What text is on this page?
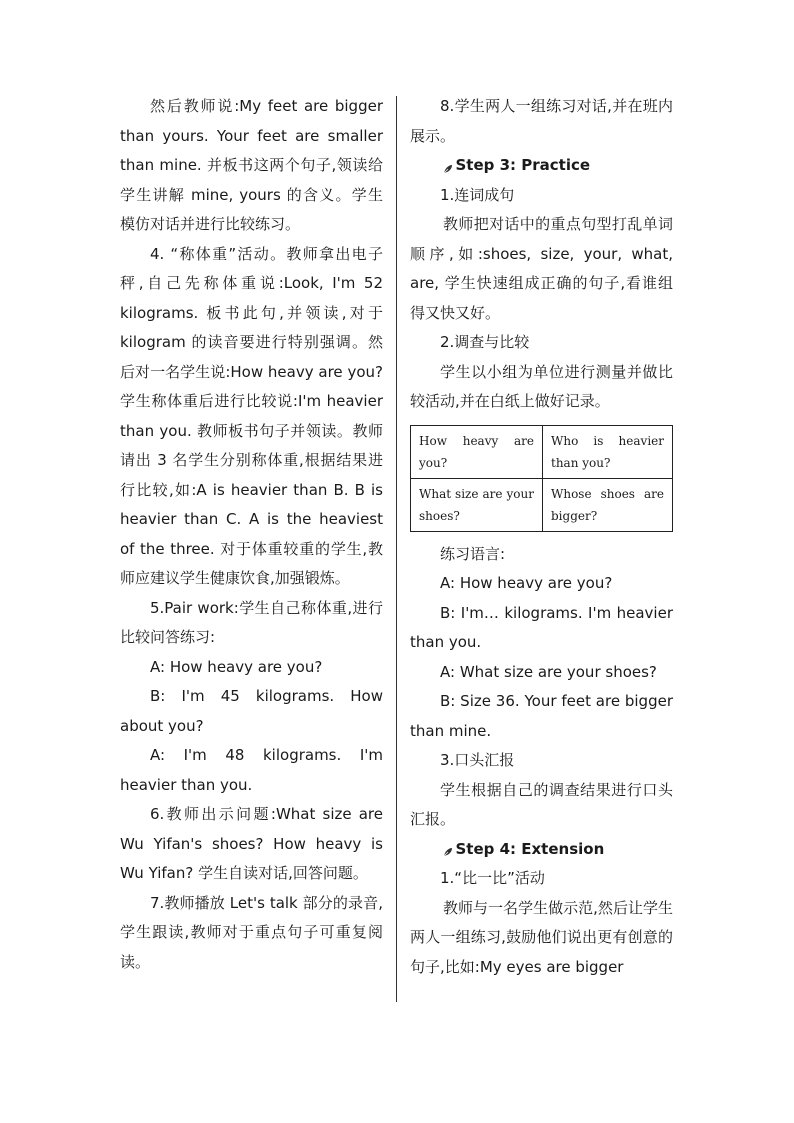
然后教师说:My feet are bigger than yours. Your feet are smaller than mine. 并板书这两个句子,领读给学生讲解 mine, yours 的含义。学生模仿对话并进行比较练习。

4. “称体重”活动。教师拿出电子秤,自己先称体重说:Look, I'm 52 kilograms. 板书此句,并领读,对于 kilogram 的读音要进行特别强调。然后对一名学生说:How heavy are you? 学生称体重后进行比较说:I'm heavier than you. 教师板书句子并领读。教师请出 3 名学生分别称体重,根据结果进行比较,如:A is heavier than B. B is heavier than C. A is the heaviest of the three. 对于体重较重的学生,教师应建议学生健康饮食,加强锻炼。

5.Pair work:学生自己称体重,进行比较问答练习:

A: How heavy are you?

B: I'm 45 kilograms. How about you?

A: I'm 48 kilograms. I'm heavier than you.

6.教师出示问题:What size are Wu Yifan's shoes? How heavy is Wu Yifan? 学生自读对话,回答问题。

7.教师播放 Let's talk 部分的录音,学生跟读,教师对于重点句子可重复阅读。

8.学生两人一组练习对话,并在班内展示。

Step 3: Practice

1.连词成句

教师把对话中的重点句型打乱单词顺序,如:shoes, size, your, what, are, 学生快速组成正确的句子,看谁组得又快又好。

2.调查与比较

学生以小组为单位进行测量并做比较活动,并在白纸上做好记录。

How heavy are you?	Who is heavier than you?
What size are your shoes?	Whose shoes are bigger?

练习语言:

A: How heavy are you?

B: I'm… kilograms. I'm heavier than you.

A: What size are your shoes?

B: Size 36. Your feet are bigger than mine.

3.口头汇报

学生根据自己的调查结果进行口头汇报。

Step 4: Extension

1.“比一比”活动

教师与一名学生做示范,然后让学生两人一组练习,鼓励他们说出更有创意的句子,比如:My eyes are bigger
